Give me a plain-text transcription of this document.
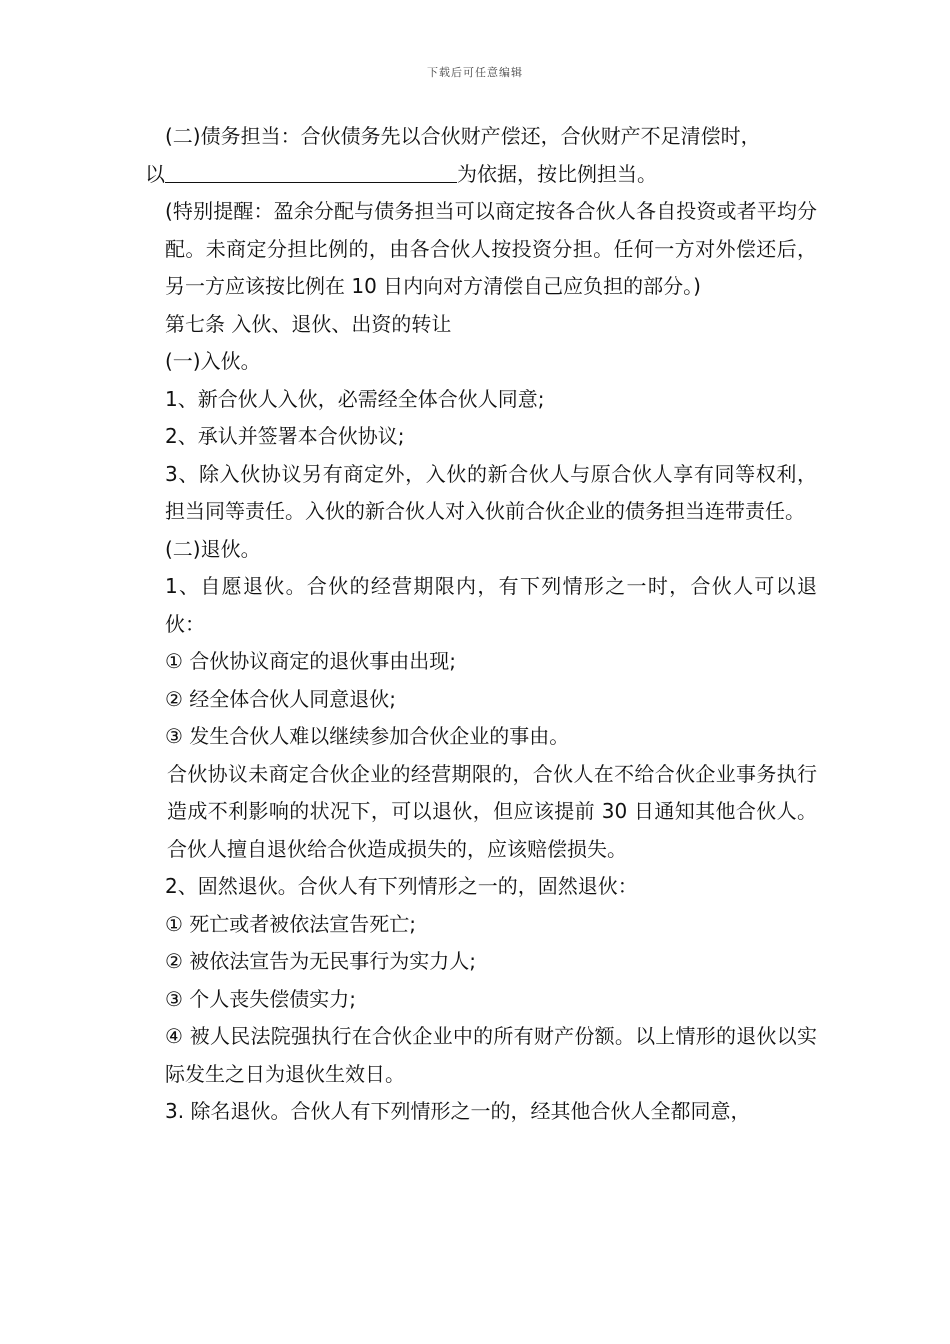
下载后可任意编辑

(二)债务担当：合伙债务先以合伙财产偿还，合伙财产不足清偿时，

以	为依据，按比例担当。

(特别提醒：盈余分配与债务担当可以商定按各合伙人各自投资或者平均分配。未商定分担比例的，由各合伙人按投资分担。任何一方对外偿还后，另一方应该按比例在 10 日内向对方清偿自己应负担的部分。)

第七条 入伙、退伙、出资的转让

(一)入伙。

1、新合伙人入伙，必需经全体合伙人同意;

2、承认并签署本合伙协议;

3、除入伙协议另有商定外，入伙的新合伙人与原合伙人享有同等权利，担当同等责任。入伙的新合伙人对入伙前合伙企业的债务担当连带责任。

(二)退伙。

1、自愿退伙。合伙的经营期限内，有下列情形之一时，合伙人可以退伙：

① 合伙协议商定的退伙事由出现;

② 经全体合伙人同意退伙;

③ 发生合伙人难以继续参加合伙企业的事由。

合伙协议未商定合伙企业的经营期限的，合伙人在不给合伙企业事务执行造成不利影响的状况下，可以退伙，但应该提前 30 日通知其他合伙人。合伙人擅自退伙给合伙造成损失的，应该赔偿损失。

2、固然退伙。合伙人有下列情形之一的，固然退伙：

① 死亡或者被依法宣告死亡;

② 被依法宣告为无民事行为实力人;

③ 个人丧失偿债实力;

④ 被人民法院强执行在合伙企业中的所有财产份额。以上情形的退伙以实际发生之日为退伙生效日。

3. 除名退伙。合伙人有下列情形之一的，经其他合伙人全都同意，
